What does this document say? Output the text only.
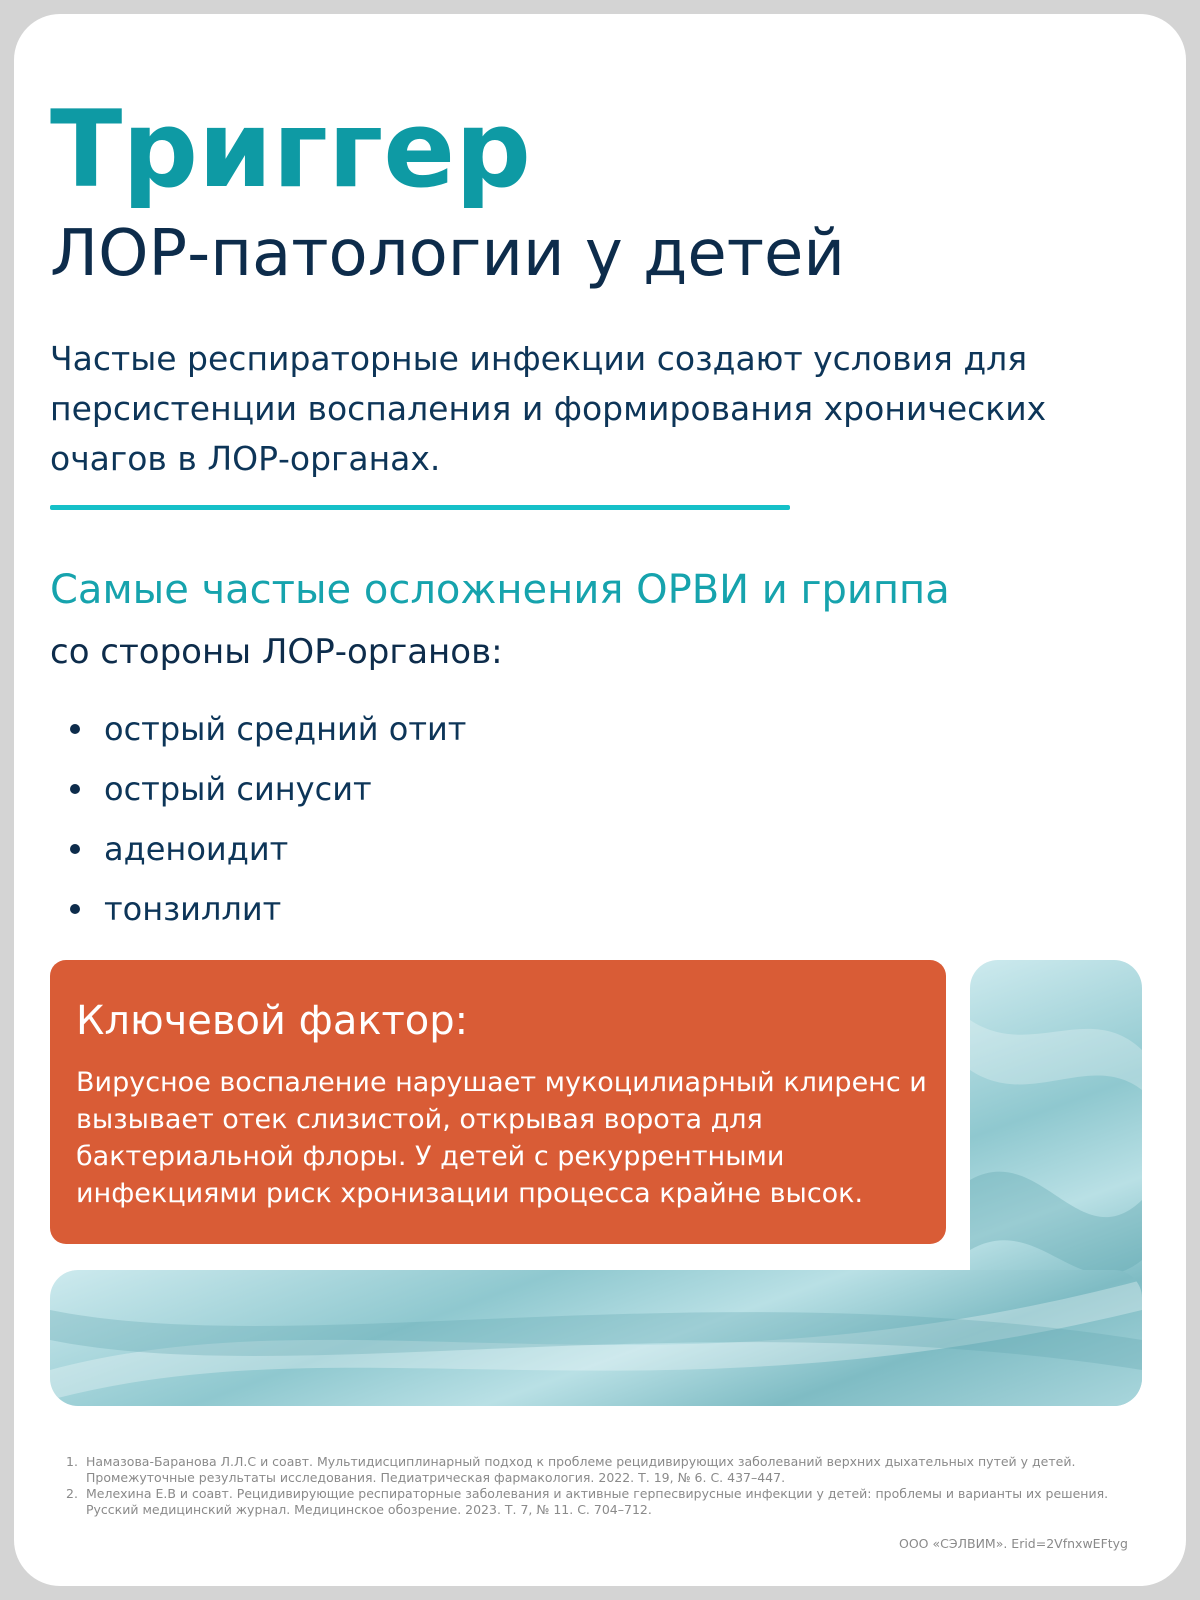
Триггер
ЛОР-патологии у детей

Частые респираторные инфекции создают условия для персистенции воспаления и формирования хронических очагов в ЛОР-органах.

Самые частые осложнения ОРВИ и гриппа
со стороны ЛОР-органов:
острый средний отит
острый синусит
аденоидит
тонзиллит
Ключевой фактор:

Вирусное воспаление нарушает мукоцилиарный клиренс и вызывает отек слизистой, открывая ворота для бактериальной флоры. У детей с рекуррентными инфекциями риск хронизации процесса крайне высок.

1. Намазова-Баранова Л.Л.С и соавт. Мультидисциплинарный подход к проблеме рецидивирующих заболеваний верхних дыхательных путей у детей. Промежуточные результаты исследования. Педиатрическая фармакология. 2022. Т. 19, № 6. С. 437–447.
2. Мелехина Е.В и соавт. Рецидивирующие респираторные заболевания и активные герпесвирусные инфекции у детей: проблемы и варианты их решения. Русский медицинский журнал. Медицинское обозрение. 2023. Т. 7, № 11. С. 704–712.
ООО «СЭЛВИМ». Erid=2VfnxwEFtyg
